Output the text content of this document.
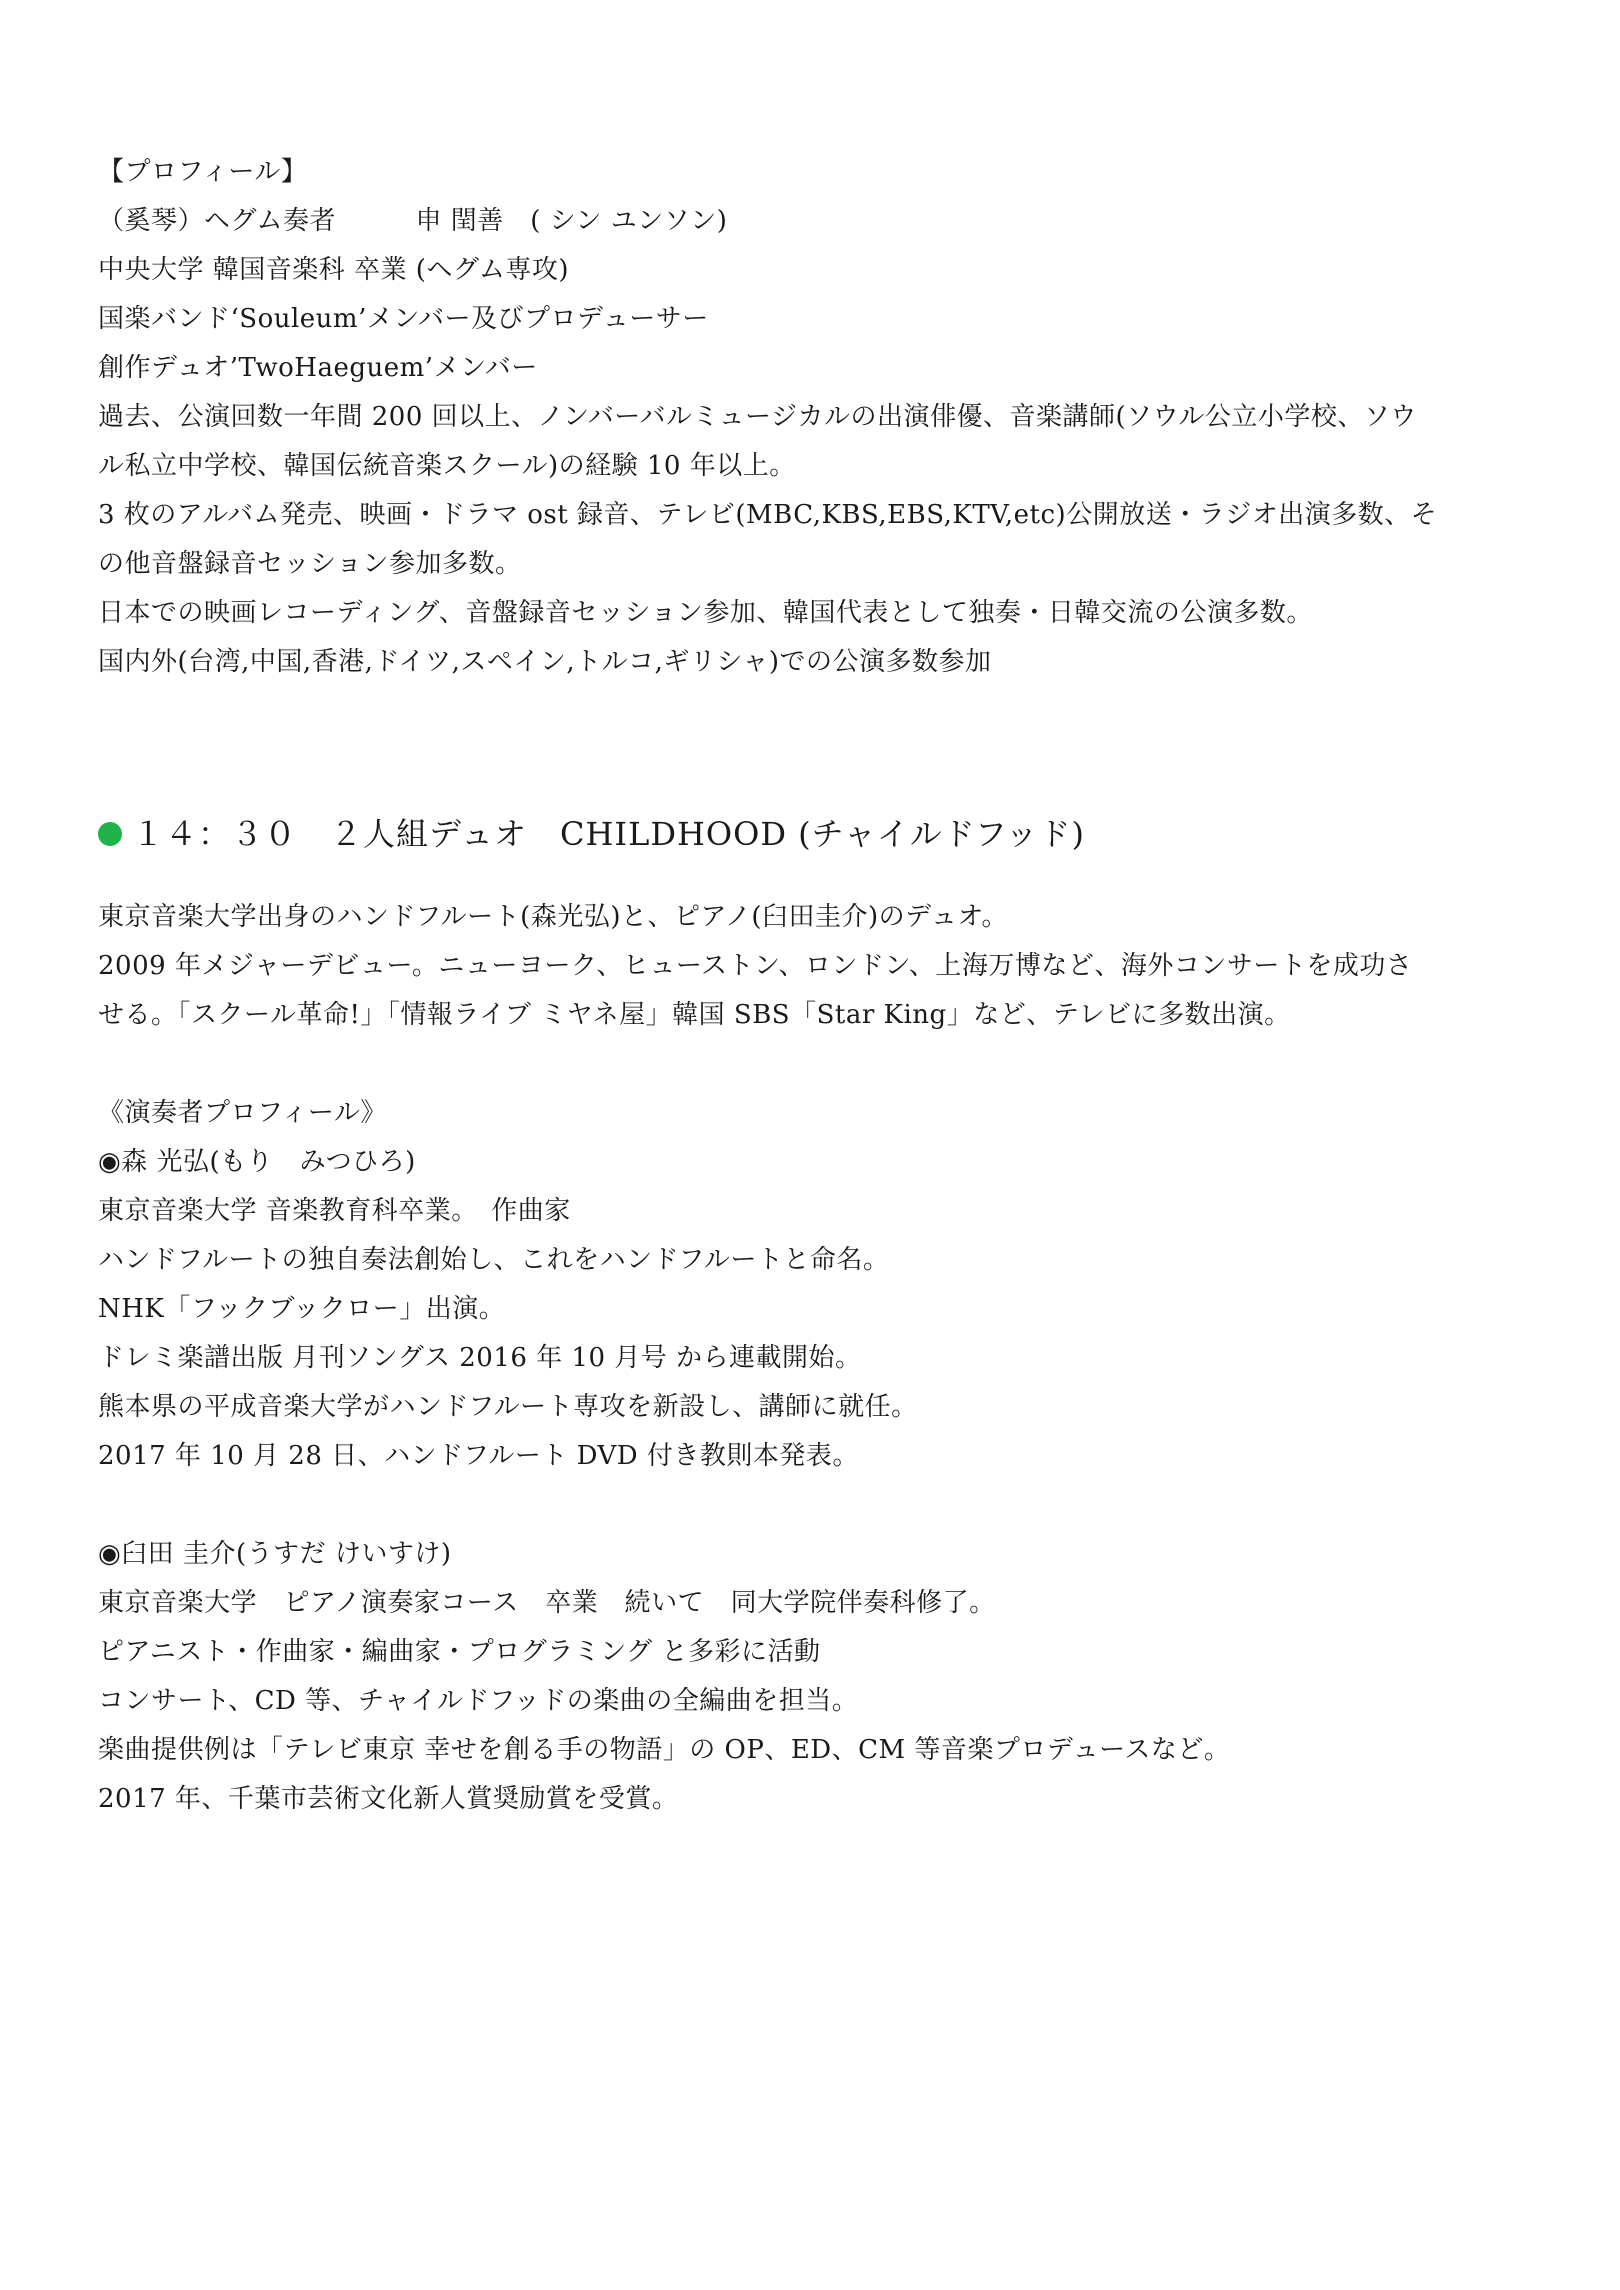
【プロフィール】
（奚琴）ヘグム奏者　　　申 閏善　( シン ユンソン)
中央大学 韓国音楽科 卒業 (ヘグム専攻)
国楽バンド‘Souleum’メンバー及びプロデューサー
創作デュオ’TwoHaeguem’メンバー
過去、公演回数一年間 200 回以上、ノンバーバルミュージカルの出演俳優、音楽講師(ソウル公立小学校、ソウ
ル私立中学校、韓国伝統音楽スクール)の経験 10 年以上。
3 枚のアルバム発売、映画・ドラマ ost 録音、テレビ(MBC,KBS,EBS,KTV,etc)公開放送・ラジオ出演多数、そ
の他音盤録音セッション参加多数。
日本での映画レコーディング、音盤録音セッション参加、韓国代表として独奏・日韓交流の公演多数。
国内外(台湾,中国,香港,ドイツ,スペイン,トルコ,ギリシャ)での公演多数参加
１４：３０　２人組デュオ　CHILDHOOD (チャイルドフッド)
東京音楽大学出身のハンドフルート(森光弘)と、ピアノ(臼田圭介)のデュオ。
2009 年メジャーデビュー。ニューヨーク、ヒューストン、ロンドン、上海万博など、海外コンサートを成功さ
せる。「スクール革命!」「情報ライブ ミヤネ屋」韓国 SBS「Star King」など、テレビに多数出演。
《演奏者プロフィール》
◉森 光弘(もり　みつひろ)
東京音楽大学 音楽教育科卒業。　作曲家
ハンドフルートの独自奏法創始し、これをハンドフルートと命名。
NHK「フックブックロー」出演。
ドレミ楽譜出版 月刊ソングス 2016 年 10 月号 から連載開始。
熊本県の平成音楽大学がハンドフルート専攻を新設し、講師に就任。
2017 年 10 月 28 日、ハンドフルート DVD 付き教則本発表。
◉臼田 圭介(うすだ けいすけ)
東京音楽大学　ピアノ演奏家コース　卒業　続いて　同大学院伴奏科修了。
ピアニスト・作曲家・編曲家・プログラミング と多彩に活動
コンサート、CD 等、チャイルドフッドの楽曲の全編曲を担当。
楽曲提供例は「テレビ東京 幸せを創る手の物語」の OP、ED、CM 等音楽プロデュースなど。
2017 年、千葉市芸術文化新人賞奨励賞を受賞。
